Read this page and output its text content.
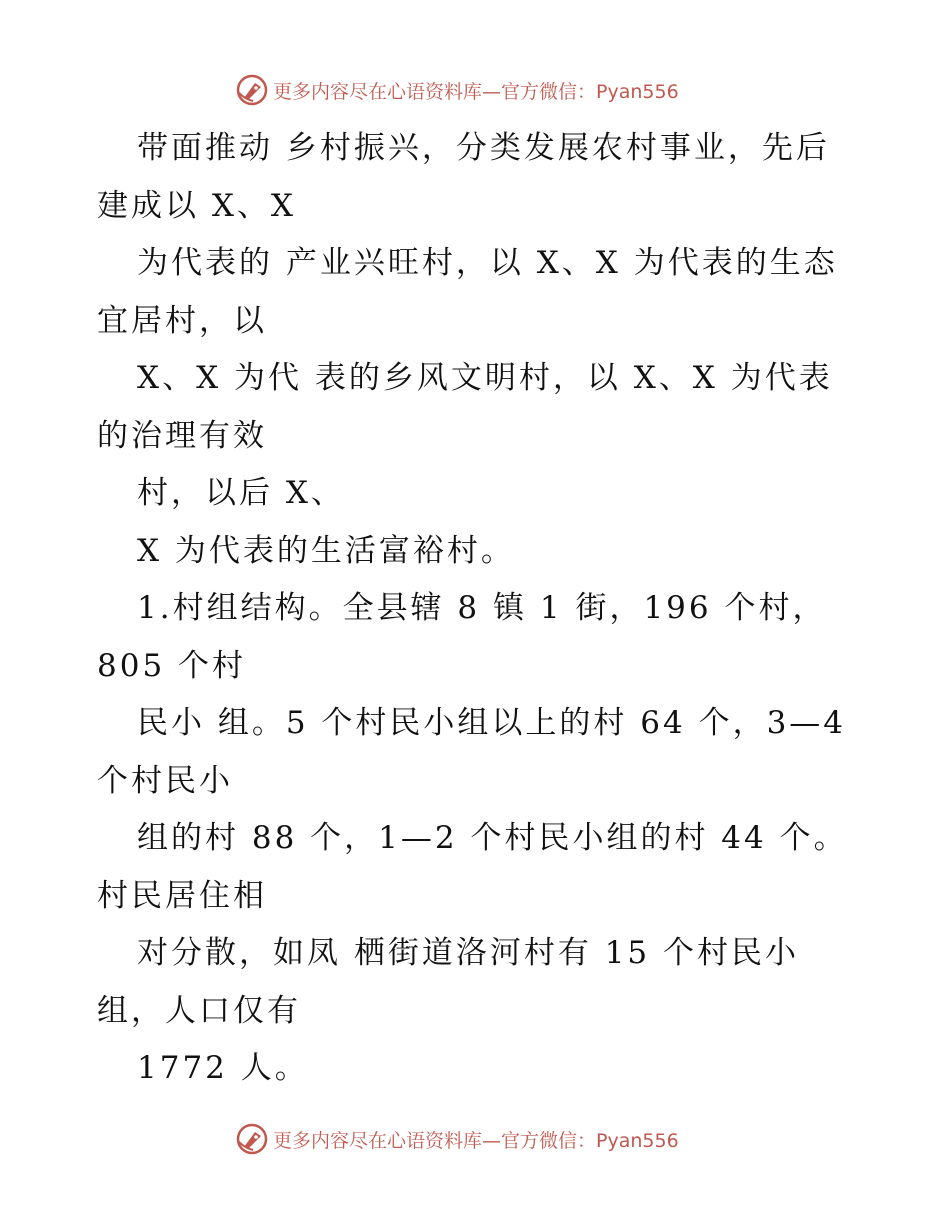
更多内容尽在心语资料库—官方微信：Pyan556
带面推动 乡村振兴，分类发展农村事业，先后
建成以 X、X
为代表的 产业兴旺村，以 X、X 为代表的生态
宜居村，以
X、X 为代 表的乡风文明村，以 X、X 为代表
的治理有效
村，以后 X、
X 为代表的生活富裕村。
1.村组结构。全县辖 8 镇 1 街，196 个村，
805 个村
民小 组。5 个村民小组以上的村 64 个，3—4
个村民小
组的村 88 个，1—2 个村民小组的村 44 个。
村民居住相
对分散，如凤 栖街道洛河村有 15 个村民小
组，人口仅有
1772 人。
更多内容尽在心语资料库—官方微信：Pyan556
